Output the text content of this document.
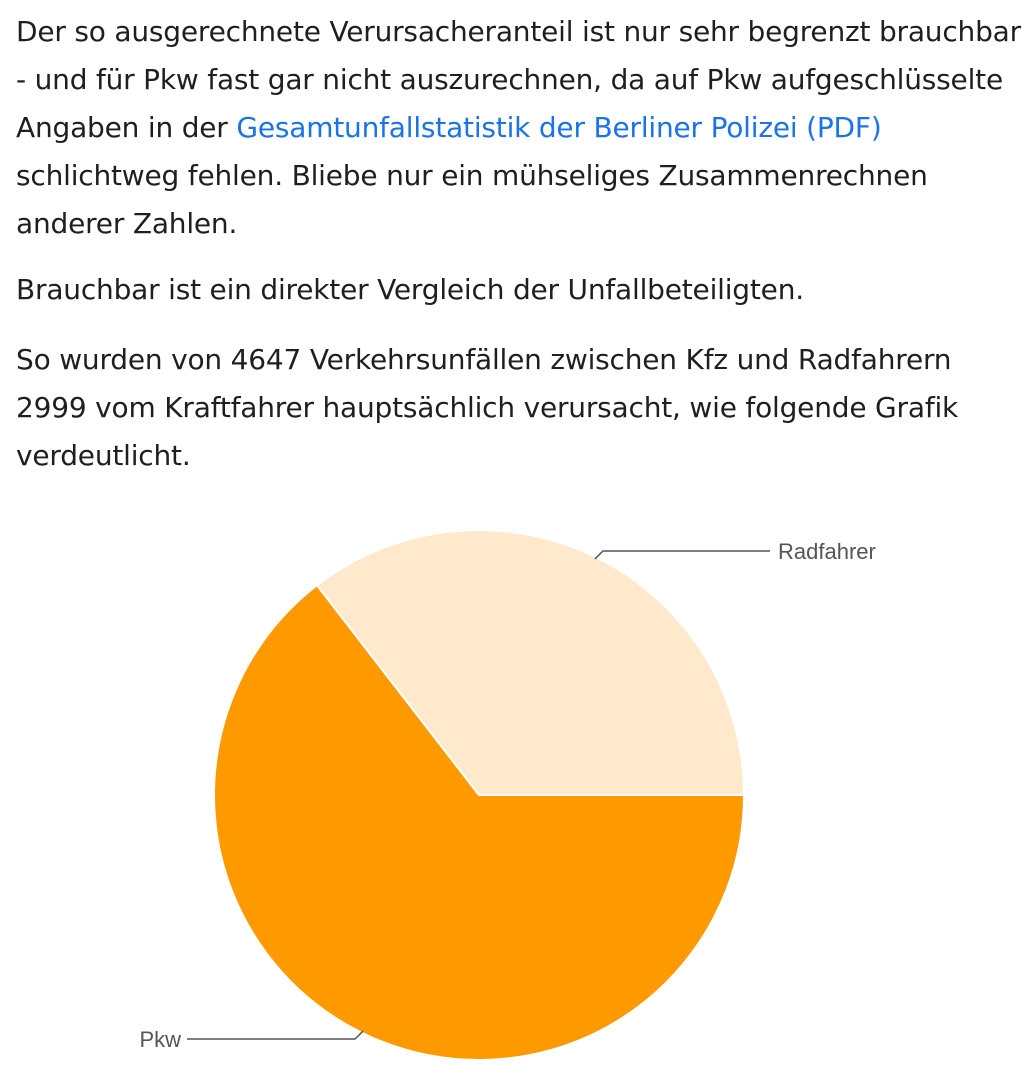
Der so ausgerechnete Verursacheranteil ist nur sehr begrenzt brauchbar
- und für Pkw fast gar nicht auszurechnen, da auf Pkw aufgeschlüsselte
Angaben in der Gesamtunfallstatistik der Berliner Polizei (PDF)
schlichtweg fehlen. Bliebe nur ein mühseliges Zusammenrechnen
anderer Zahlen.

Brauchbar ist ein direkter Vergleich der Unfallbeteiligten.

So wurden von 4647 Verkehrsunfällen zwischen Kfz und Radfahrern
2999 vom Kraftfahrer hauptsächlich verursacht, wie folgende Grafik
verdeutlicht.

Radfahrer
Pkw
